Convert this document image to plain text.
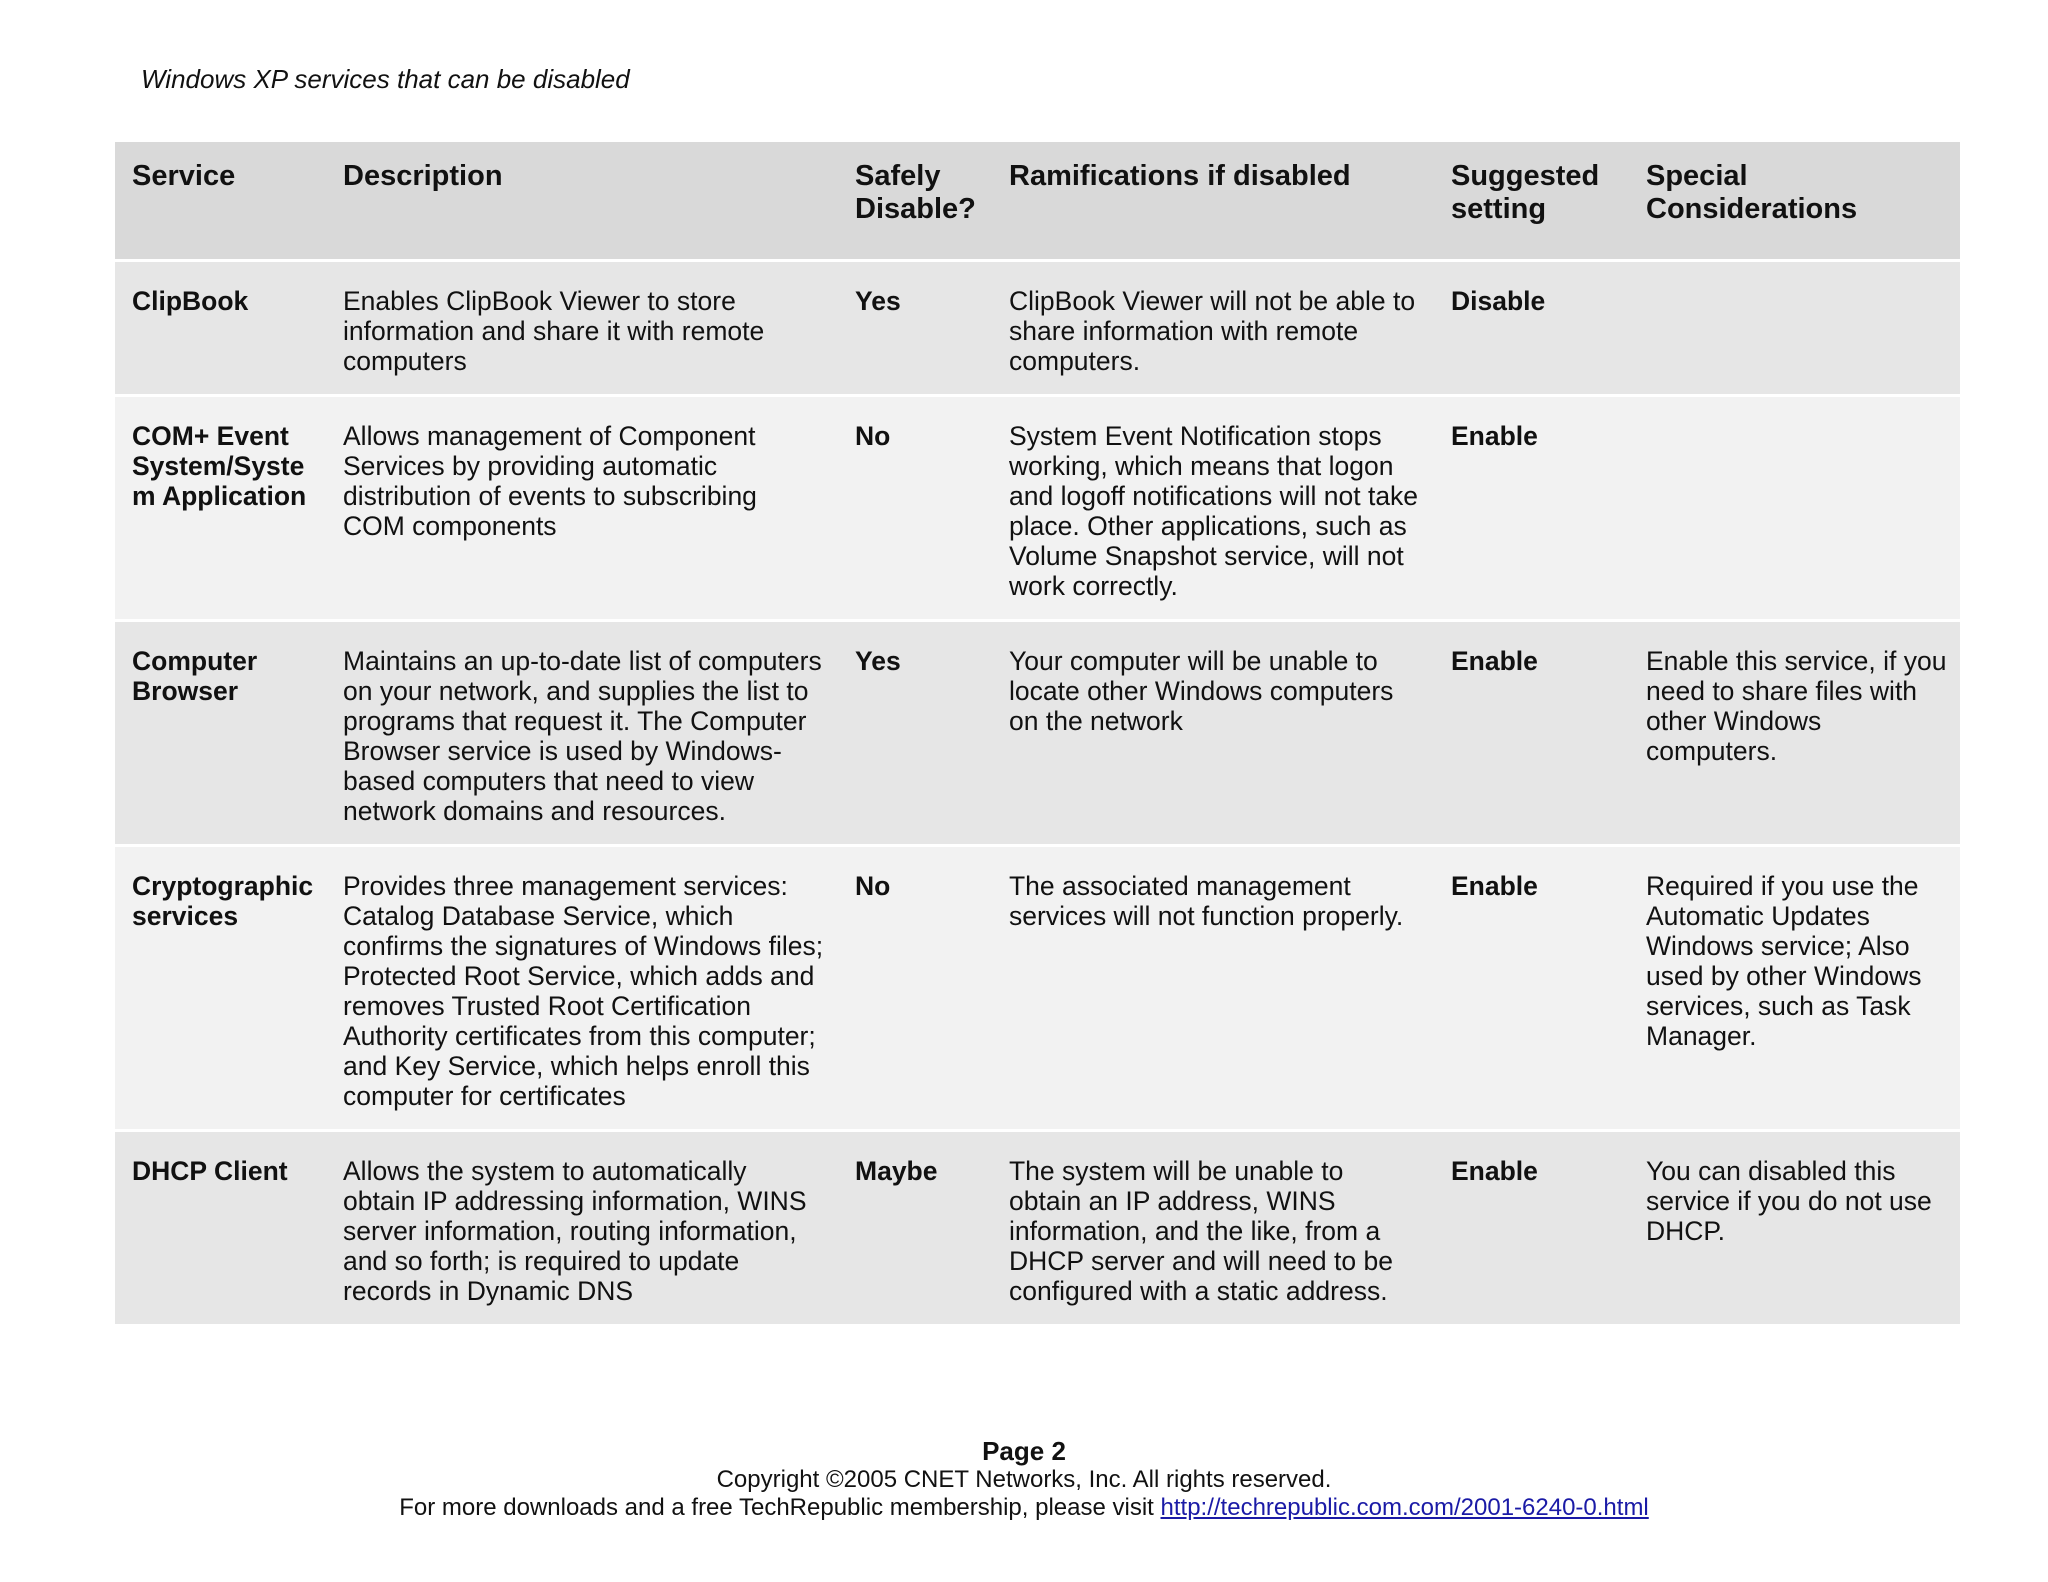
Windows XP services that can be disabled
Service	Description	Safely Disable?	Ramifications if disabled	Suggested setting	Special Considerations
ClipBook	Enables ClipBook Viewer to store information and share it with remote computers	Yes	ClipBook Viewer will not be able to share information with remote computers.	Disable	
COM+ Event System/System Application	Allows management of Component Services by providing automatic distribution of events to subscribing COM components	No	System Event Notification stops working, which means that logon and logoff notifications will not take place. Other applications, such as Volume Snapshot service, will not work correctly.	Enable	
Computer Browser	Maintains an up-to-date list of computers on your network, and supplies the list to programs that request it. The Computer Browser service is used by Windows-based computers that need to view network domains and resources.	Yes	Your computer will be unable to locate other Windows computers on the network	Enable	Enable this service, if you need to share files with other Windows computers.
Cryptographic services	Provides three management services: Catalog Database Service, which confirms the signatures of Windows files; Protected Root Service, which adds and removes Trusted Root Certification Authority certificates from this computer; and Key Service, which helps enroll this computer for certificates	No	The associated management services will not function properly.	Enable	Required if you use the Automatic Updates Windows service; Also used by other Windows services, such as Task Manager.
DHCP Client	Allows the system to automatically obtain IP addressing information, WINS server information, routing information, and so forth; is required to update records in Dynamic DNS	Maybe	The system will be unable to obtain an IP address, WINS information, and the like, from a DHCP server and will need to be configured with a static address.	Enable	You can disabled this service if you do not use DHCP.
Page 2
Copyright ©2005 CNET Networks, Inc. All rights reserved.
For more downloads and a free TechRepublic membership, please visit http://techrepublic.com.com/2001-6240-0.html
